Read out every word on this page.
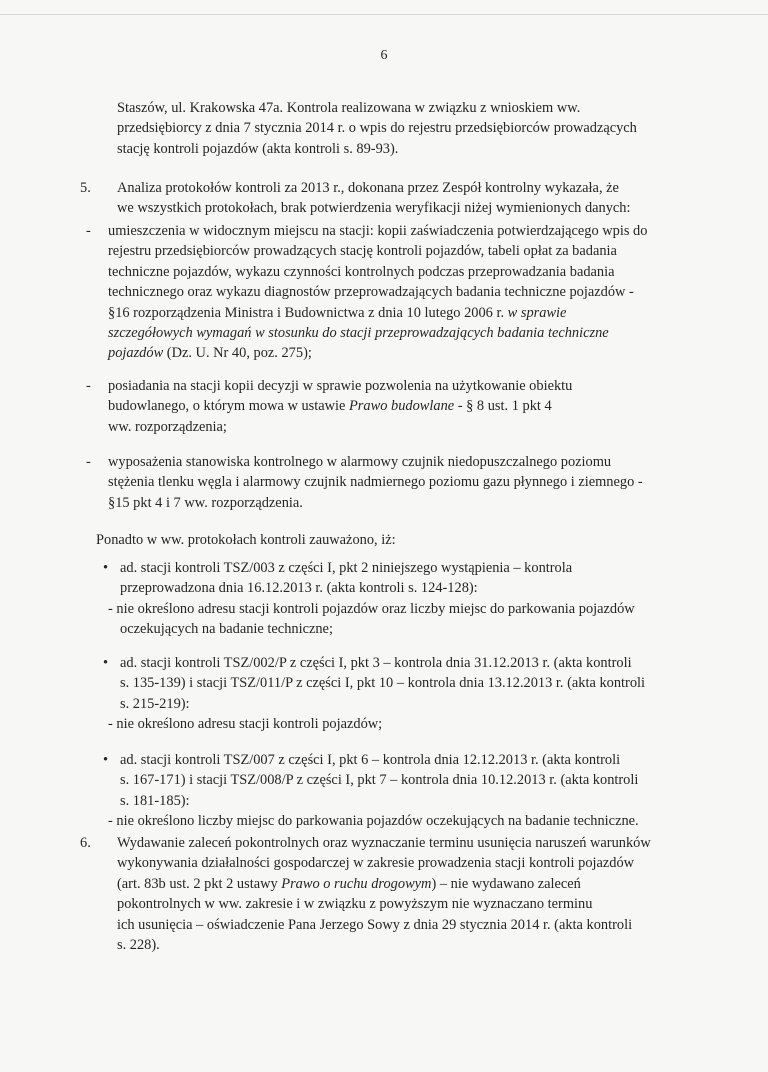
6
Staszów, ul. Krakowska 47a. Kontrola realizowana w związku z wnioskiem ww.
przedsiębiorcy z dnia 7 stycznia 2014 r. o wpis do rejestru przedsiębiorców prowadzących
stację kontroli pojazdów (akta kontroli s. 89-93).
5. Analiza protokołów kontroli za 2013 r., dokonana przez Zespół kontrolny wykazała, że
we wszystkich protokołach, brak potwierdzenia weryfikacji niżej wymienionych danych:
- umieszczenia w widocznym miejscu na stacji: kopii zaświadczenia potwierdzającego wpis do
rejestru przedsiębiorców prowadzących stację kontroli pojazdów, tabeli opłat za badania
techniczne pojazdów, wykazu czynności kontrolnych podczas przeprowadzania badania
technicznego oraz wykazu diagnostów przeprowadzających badania techniczne pojazdów -
§16 rozporządzenia Ministra i Budownictwa z dnia 10 lutego 2006 r. w sprawie
szczegółowych wymagań w stosunku do stacji przeprowadzających badania techniczne
pojazdów (Dz. U. Nr 40, poz. 275);
- posiadania na stacji kopii decyzji w sprawie pozwolenia na użytkowanie obiektu
budowlanego, o którym mowa w ustawie Prawo budowlane - § 8 ust. 1 pkt 4
ww. rozporządzenia;
- wyposażenia stanowiska kontrolnego w alarmowy czujnik niedopuszczalnego poziomu
stężenia tlenku węgla i alarmowy czujnik nadmiernego poziomu gazu płynnego i ziemnego -
§15 pkt 4 i 7 ww. rozporządzenia.
Ponadto w ww. protokołach kontroli zauważono, iż:
• ad. stacji kontroli TSZ/003 z części I, pkt 2 niniejszego wystąpienia – kontrola
przeprowadzona dnia 16.12.2013 r. (akta kontroli s. 124-128):
- nie określono adresu stacji kontroli pojazdów oraz liczby miejsc do parkowania pojazdów
oczekujących na badanie techniczne;
• ad. stacji kontroli TSZ/002/P z części I, pkt 3 – kontrola dnia 31.12.2013 r. (akta kontroli
s. 135-139) i stacji TSZ/011/P z części I, pkt 10 – kontrola dnia 13.12.2013 r. (akta kontroli
s. 215-219):
- nie określono adresu stacji kontroli pojazdów;
• ad. stacji kontroli TSZ/007 z części I, pkt 6 – kontrola dnia 12.12.2013 r. (akta kontroli
s. 167-171) i stacji TSZ/008/P z części I, pkt 7 – kontrola dnia 10.12.2013 r. (akta kontroli
s. 181-185):
- nie określono liczby miejsc do parkowania pojazdów oczekujących na badanie techniczne.
6. Wydawanie zaleceń pokontrolnych oraz wyznaczanie terminu usunięcia naruszeń warunków
wykonywania działalności gospodarczej w zakresie prowadzenia stacji kontroli pojazdów
(art. 83b ust. 2 pkt 2 ustawy Prawo o ruchu drogowym) – nie wydawano zaleceń
pokontrolnych w ww. zakresie i w związku z powyższym nie wyznaczano terminu
ich usunięcia – oświadczenie Pana Jerzego Sowy z dnia 29 stycznia 2014 r. (akta kontroli
s. 228).
